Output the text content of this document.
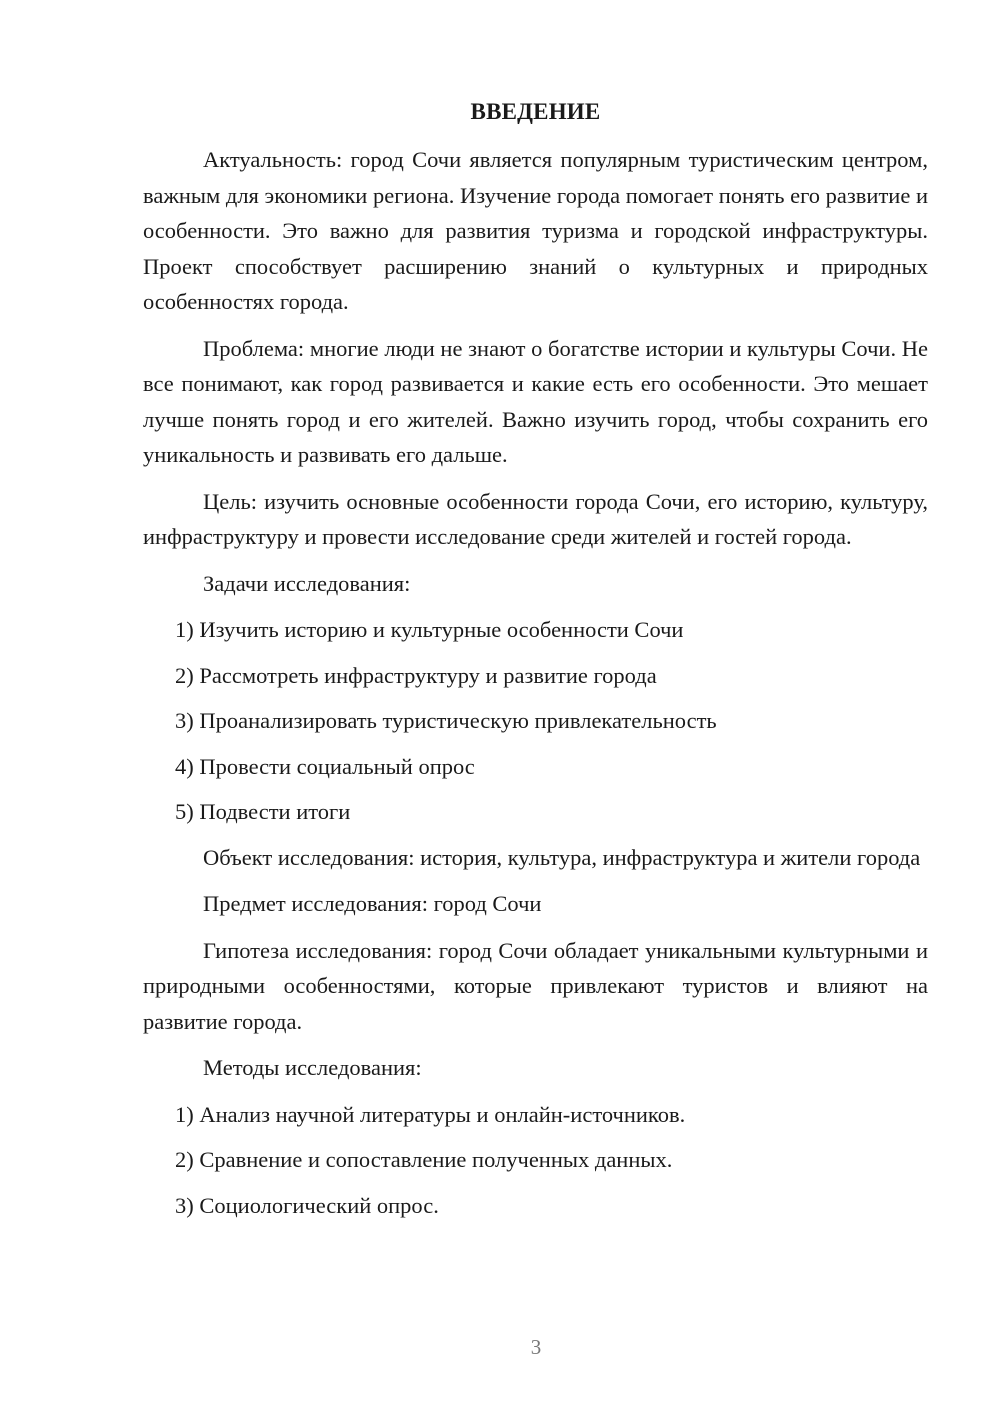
ВВЕДЕНИЕ

Актуальность: город Сочи является популярным туристическим центром, важным для экономики региона. Изучение города помогает понять его развитие и особенности. Это важно для развития туризма и городской инфраструктуры. Проект способствует расширению знаний о культурных и природных особенностях города.

Проблема: многие люди не знают о богатстве истории и культуры Сочи. Не все понимают, как город развивается и какие есть его особенности. Это мешает лучше понять город и его жителей. Важно изучить город, чтобы сохранить его уникальность и развивать его дальше.

Цель: изучить основные особенности города Сочи, его историю, культуру, инфраструктуру и провести исследование среди жителей и гостей города.

Задачи исследования:

1) Изучить историю и культурные особенности Сочи

2) Рассмотреть инфраструктуру и развитие города

3) Проанализировать туристическую привлекательность

4) Провести социальный опрос

5) Подвести итоги

Объект исследования: история, культура, инфраструктура и жители города

Предмет исследования: город Сочи

Гипотеза исследования: город Сочи обладает уникальными культурными и природными особенностями, которые привлекают туристов и влияют на развитие города.

Методы исследования:

1) Анализ научной литературы и онлайн-источников.

2) Сравнение и сопоставление полученных данных.

3) Социологический опрос.

3
